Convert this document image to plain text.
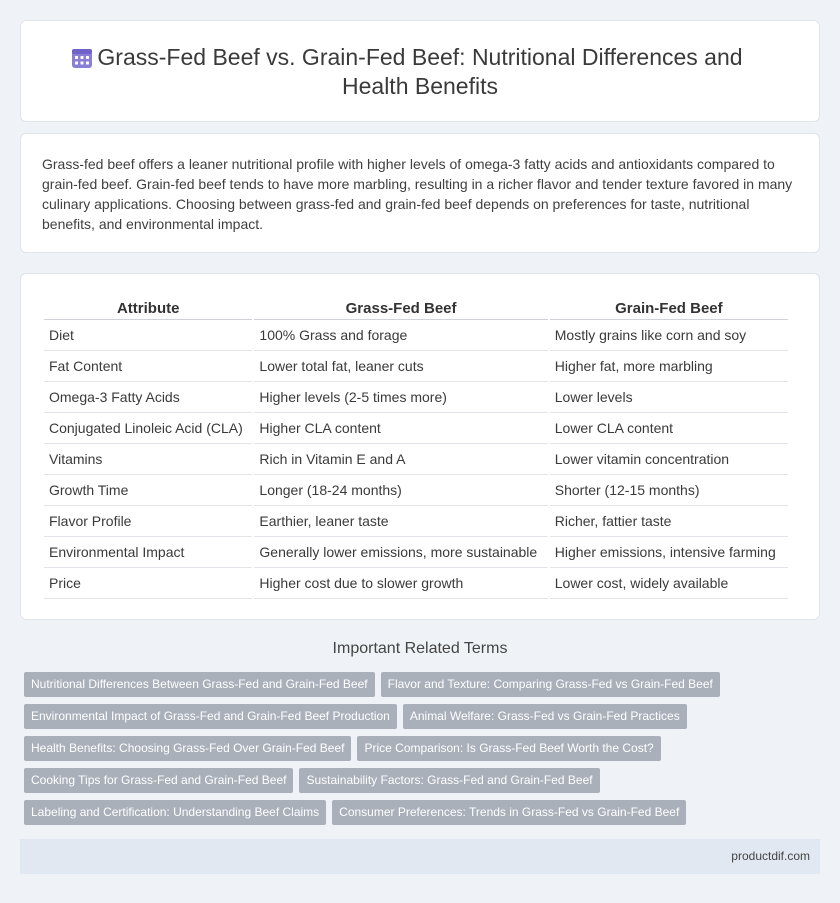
Grass-Fed Beef vs. Grain-Fed Beef: Nutritional Differences and Health Benefits

Grass-fed beef offers a leaner nutritional profile with higher levels of omega-3 fatty acids and antioxidants compared to grain-fed beef. Grain-fed beef tends to have more marbling, resulting in a richer flavor and tender texture favored in many culinary applications. Choosing between grass-fed and grain-fed beef depends on preferences for taste, nutritional benefits, and environmental impact.

Attribute	Grass-Fed Beef	Grain-Fed Beef
Diet	100% Grass and forage	Mostly grains like corn and soy
Fat Content	Lower total fat, leaner cuts	Higher fat, more marbling
Omega-3 Fatty Acids	Higher levels (2-5 times more)	Lower levels
Conjugated Linoleic Acid (CLA)	Higher CLA content	Lower CLA content
Vitamins	Rich in Vitamin E and A	Lower vitamin concentration
Growth Time	Longer (18-24 months)	Shorter (12-15 months)
Flavor Profile	Earthier, leaner taste	Richer, fattier taste
Environmental Impact	Generally lower emissions, more sustainable	Higher emissions, intensive farming
Price	Higher cost due to slower growth	Lower cost, widely available
Important Related Terms
Nutritional Differences Between Grass-Fed and Grain-Fed Beef Flavor and Texture: Comparing Grass-Fed vs Grain-Fed Beef
Environmental Impact of Grass-Fed and Grain-Fed Beef Production Animal Welfare: Grass-Fed vs Grain-Fed Practices
Health Benefits: Choosing Grass-Fed Over Grain-Fed Beef Price Comparison: Is Grass-Fed Beef Worth the Cost?
Cooking Tips for Grass-Fed and Grain-Fed Beef Sustainability Factors: Grass-Fed and Grain-Fed Beef
Labeling and Certification: Understanding Beef Claims Consumer Preferences: Trends in Grass-Fed vs Grain-Fed Beef
productdif.com
